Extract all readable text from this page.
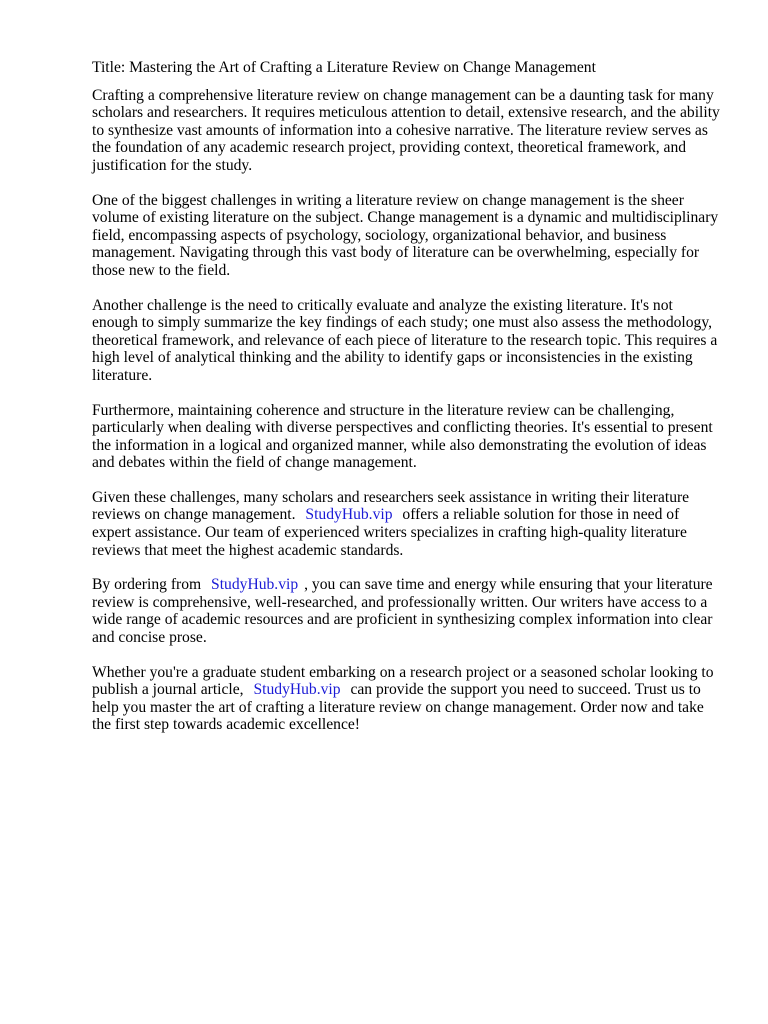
Title: Mastering the Art of Crafting a Literature Review on Change Management

Crafting a comprehensive literature review on change management can be a daunting task for many scholars and researchers. It requires meticulous attention to detail, extensive research, and the ability to synthesize vast amounts of information into a cohesive narrative. The literature review serves as the foundation of any academic research project, providing context, theoretical framework, and justification for the study.

One of the biggest challenges in writing a literature review on change management is the sheer volume of existing literature on the subject. Change management is a dynamic and multidisciplinary field, encompassing aspects of psychology, sociology, organizational behavior, and business management. Navigating through this vast body of literature can be overwhelming, especially for those new to the field.

Another challenge is the need to critically evaluate and analyze the existing literature. It's not enough to simply summarize the key findings of each study; one must also assess the methodology, theoretical framework, and relevance of each piece of literature to the research topic. This requires a high level of analytical thinking and the ability to identify gaps or inconsistencies in the existing literature.

Furthermore, maintaining coherence and structure in the literature review can be challenging, particularly when dealing with diverse perspectives and conflicting theories. It's essential to present the information in a logical and organized manner, while also demonstrating the evolution of ideas and debates within the field of change management.

Given these challenges, many scholars and researchers seek assistance in writing their literature reviews on change management. StudyHub.vip offers a reliable solution for those in need of expert assistance. Our team of experienced writers specializes in crafting high-quality literature reviews that meet the highest academic standards.

By ordering from StudyHub.vip , you can save time and energy while ensuring that your literature review is comprehensive, well-researched, and professionally written. Our writers have access to a wide range of academic resources and are proficient in synthesizing complex information into clear and concise prose.

Whether you're a graduate student embarking on a research project or a seasoned scholar looking to publish a journal article, StudyHub.vip can provide the support you need to succeed. Trust us to help you master the art of crafting a literature review on change management. Order now and take the first step towards academic excellence!
